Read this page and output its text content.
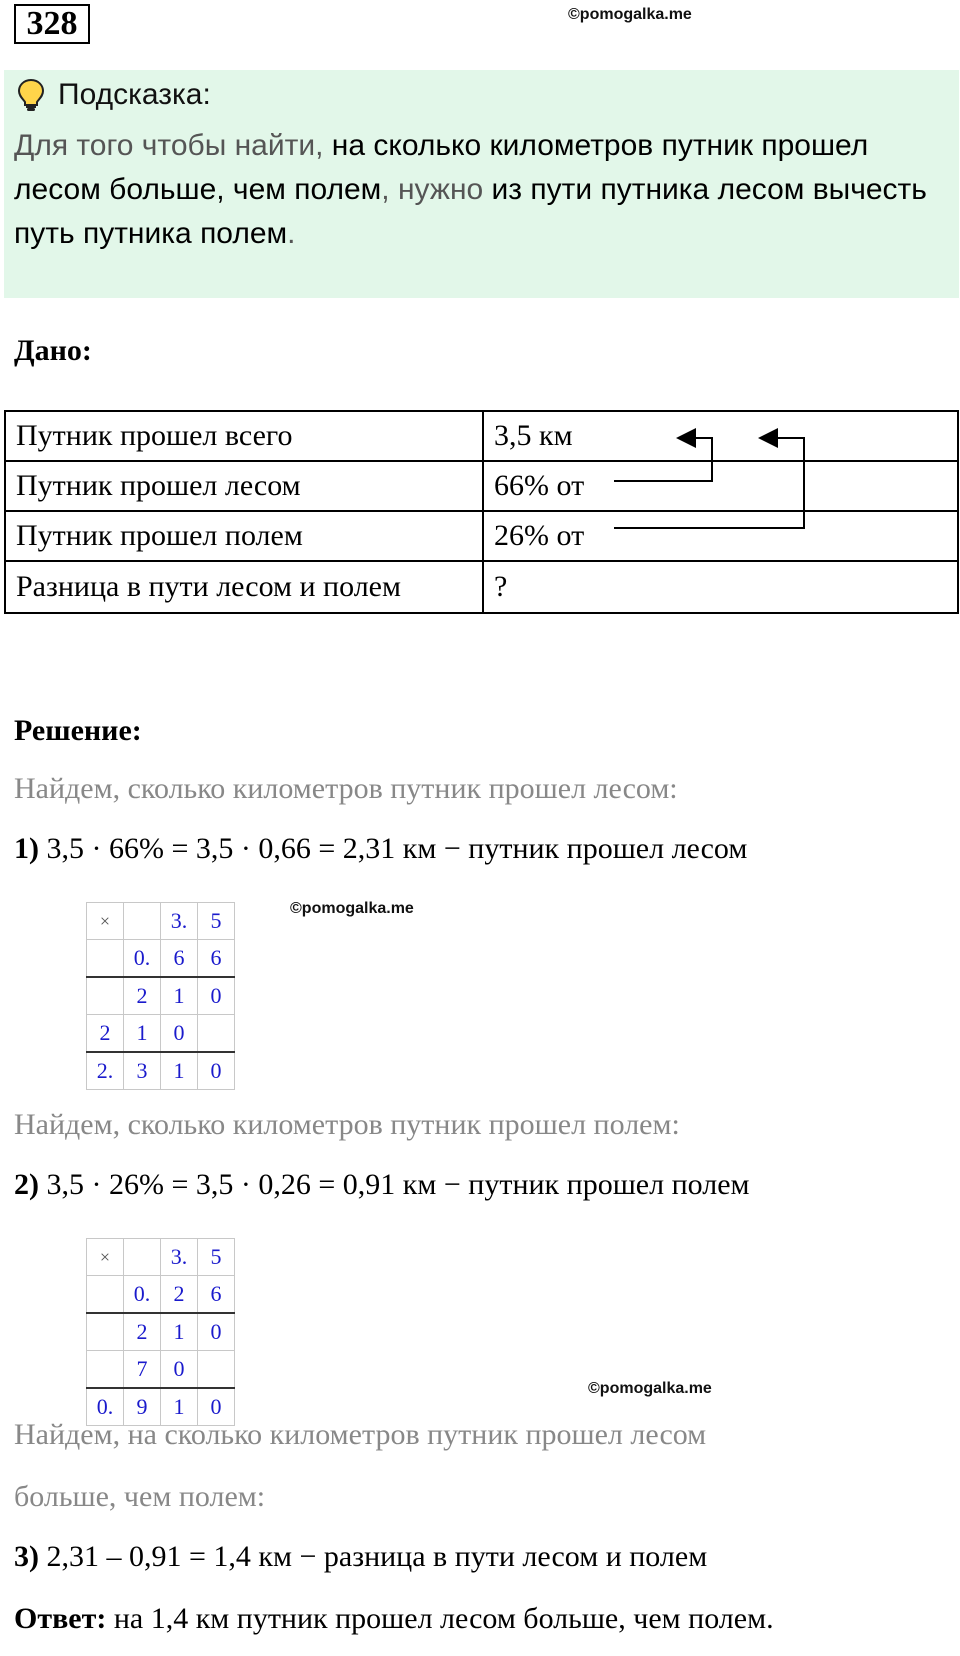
328	©pomogalka.me
Подсказка:
Для того чтобы найти, на сколько километров путник прошел лесом больше, чем полем, нужно из пути путника лесом вычесть путь путника полем.
Дано:
Путник прошел всего	3,5 км
Путник прошел лесом	66% от
Путник прошел полем	26% от
Разница в пути лесом и полем	?
Решение:
Найдем, сколько километров путник прошел лесом:
1) 3,5 · 66% = 3,5 · 0,66 = 2,31 км − путник прошел лесом
×		3.	5
	0.	6	6
	2	1	0
2	1	0	
2.	3	1	0
©pomogalka.me
Найдем, сколько километров путник прошел полем:
2) 3,5 · 26% = 3,5 · 0,26 = 0,91 км − путник прошел полем
×		3.	5
	0.	2	6
	2	1	0
	7	0	
0.	9	1	0
©pomogalka.me
Найдем, на сколько километров путник прошел лесом
больше, чем полем:
3) 2,31 – 0,91 = 1,4 км − разница в пути лесом и полем
Ответ: на 1,4 км путник прошел лесом больше, чем полем.
